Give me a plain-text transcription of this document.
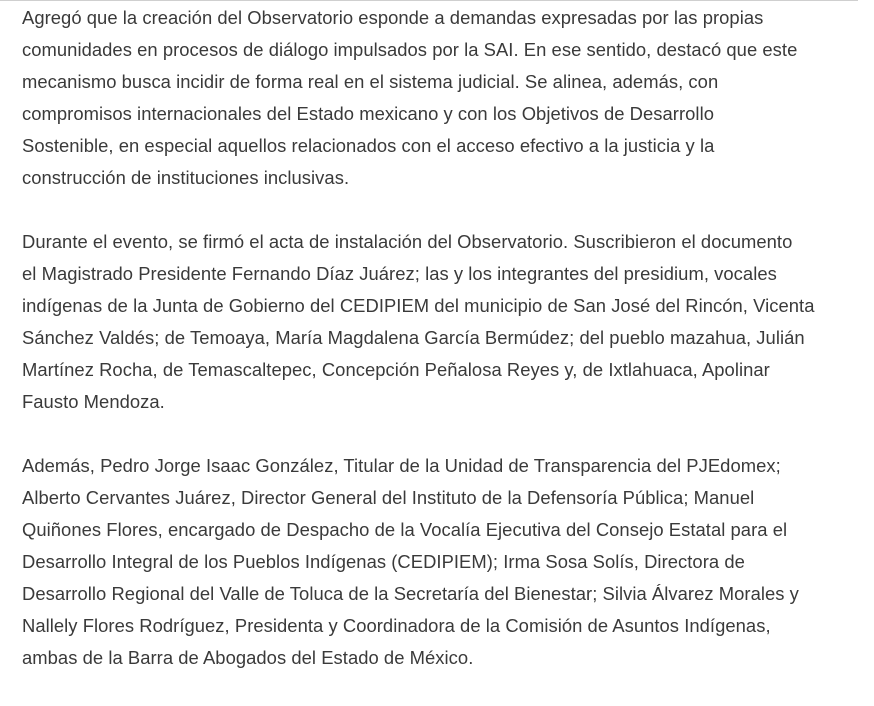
Agregó que la creación del Observatorio esponde a demandas expresadas por las propias
comunidades en procesos de diálogo impulsados por la SAI. En ese sentido, destacó que este
mecanismo busca incidir de forma real en el sistema judicial. Se alinea, además, con
compromisos internacionales del Estado mexicano y con los Objetivos de Desarrollo
Sostenible, en especial aquellos relacionados con el acceso efectivo a la justicia y la
construcción de instituciones inclusivas.

Durante el evento, se firmó el acta de instalación del Observatorio. Suscribieron el documento
el Magistrado Presidente Fernando Díaz Juárez; las y los integrantes del presidium, vocales
indígenas de la Junta de Gobierno del CEDIPIEM del municipio de San José del Rincón, Vicenta
Sánchez Valdés; de Temoaya, María Magdalena García Bermúdez; del pueblo mazahua, Julián
Martínez Rocha, de Temascaltepec, Concepción Peñalosa Reyes y, de Ixtlahuaca, Apolinar
Fausto Mendoza.

Además, Pedro Jorge Isaac González, Titular de la Unidad de Transparencia del PJEdomex;
Alberto Cervantes Juárez, Director General del Instituto de la Defensoría Pública; Manuel
Quiñones Flores, encargado de Despacho de la Vocalía Ejecutiva del Consejo Estatal para el
Desarrollo Integral de los Pueblos Indígenas (CEDIPIEM); Irma Sosa Solís, Directora de
Desarrollo Regional del Valle de Toluca de la Secretaría del Bienestar; Silvia Álvarez Morales y
Nallely Flores Rodríguez, Presidenta y Coordinadora de la Comisión de Asuntos Indígenas,
ambas de la Barra de Abogados del Estado de México.
